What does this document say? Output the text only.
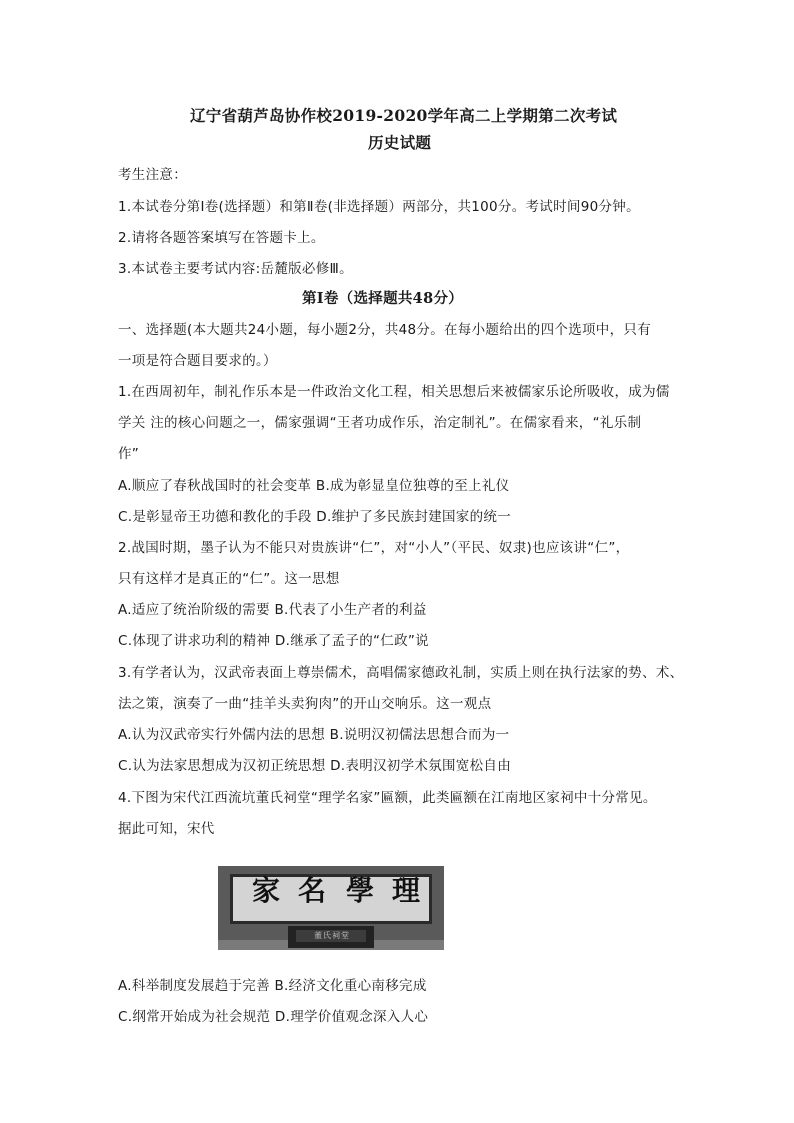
辽宁省葫芦岛协作校2019-2020学年高二上学期第二次考试
历史试题
考生注意：
1.本试卷分第Ⅰ卷(选择题）和第Ⅱ卷(非选择题）两部分，共100分。考试时间90分钟。
2.请将各题答案填写在答题卡上。
3.本试卷主要考试内容:岳麓版必修Ⅲ。
第Ⅰ卷（选择题共48分）
一、选择题(本大题共24小题，每小题2分，共48分。在每小题给出的四个选项中，只有
一项是符合题目要求的。）
1.在西周初年，制礼作乐本是一件政治文化工程，相关思想后来被儒家乐论所吸收，成为儒
学关 注的核心问题之一，儒家强调“王者功成作乐，治定制礼”。在儒家看来，“礼乐制
作”
A.顺应了春秋战国时的社会变革 B.成为彰显皇位独尊的至上礼仪
C.是彰显帝王功德和教化的手段 D.维护了多民族封建国家的统一
2.战国时期，墨子认为不能只对贵族讲“仁”，对“小人”（平民、奴隶)也应该讲“仁”，
只有这样才是真正的“仁”。这一思想
A.适应了统治阶级的需要 B.代表了小生产者的利益
C.体现了讲求功利的精神 D.继承了孟子的“仁政”说
3.有学者认为，汉武帝表面上尊崇儒术，高唱儒家德政礼制，实质上则在执行法家的势、术、
法之策，演奏了一曲“挂羊头卖狗肉”的开山交响乐。这一观点
A.认为汉武帝实行外儒内法的思想 B.说明汉初儒法思想合而为一
C.认为法家思想成为汉初正统思想 D.表明汉初学术氛围宽松自由
4.下图为宋代江西流坑董氏祠堂“理学名家”匾额，此类匾额在江南地区家祠中十分常见。
据此可知，宋代
家 名 學 理
董氏祠堂
A.科举制度发展趋于完善 B.经济文化重心南移完成
C.纲常开始成为社会规范 D.理学价值观念深入人心
